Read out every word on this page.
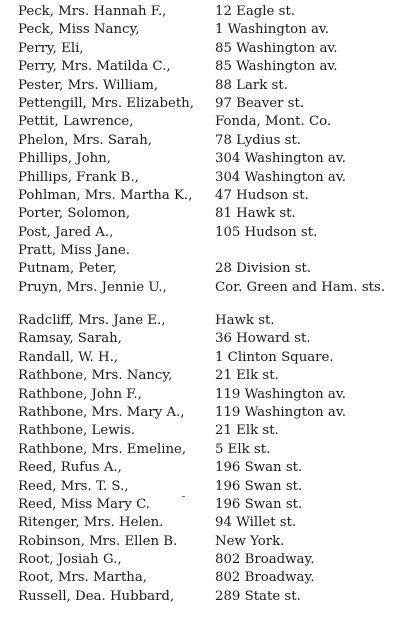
Peck, Mrs. Hannah F.,	12 Eagle st.
Peck, Miss Nancy,	1 Washington av.
Perry, Eli,	85 Washington av.
Perry, Mrs. Matilda C.,	85 Washington av.
Pester, Mrs. William,	88 Lark st.
Pettengill, Mrs. Elizabeth, 97 Beaver st.
Pettit, Lawrence,	Fonda, Mont. Co.
Phelon, Mrs. Sarah,	78 Lydius st.
Phillips, John,	304 Washington av.
Phillips, Frank B.,	304 Washington av.
Pohlman, Mrs. Martha K., 47 Hudson st.
Porter, Solomon,	81 Hawk st.
Post, Jared A.,	105 Hudson st.
Pratt, Miss Jane.
Putnam, Peter,	28 Division st.
Pruyn, Mrs. Jennie U.,	Cor. Green and Ham. sts.
Radcliff, Mrs. Jane E.,	Hawk st.
Ramsay, Sarah,	36 Howard st.
Randall, W. H.,	1 Clinton Square.
Rathbone, Mrs. Nancy,	21 Elk st.
Rathbone, John F.,	119 Washington av.
Rathbone, Mrs. Mary A., 119 Washington av.
Rathbone, Lewis.	21 Elk st.
Rathbone, Mrs. Emeline, 5 Elk st.
Reed, Rufus A.,	196 Swan st.
Reed, Mrs. T. S.,	196 Swan st.
Reed, Miss Mary C.	196 Swan st.
Ritenger, Mrs. Helen.	94 Willet st.
Robinson, Mrs. Ellen B.	New York.
Root, Josiah G.,	802 Broadway.
Root, Mrs. Martha,	802 Broadway.
Russell, Dea. Hubbard,	289 State st.
